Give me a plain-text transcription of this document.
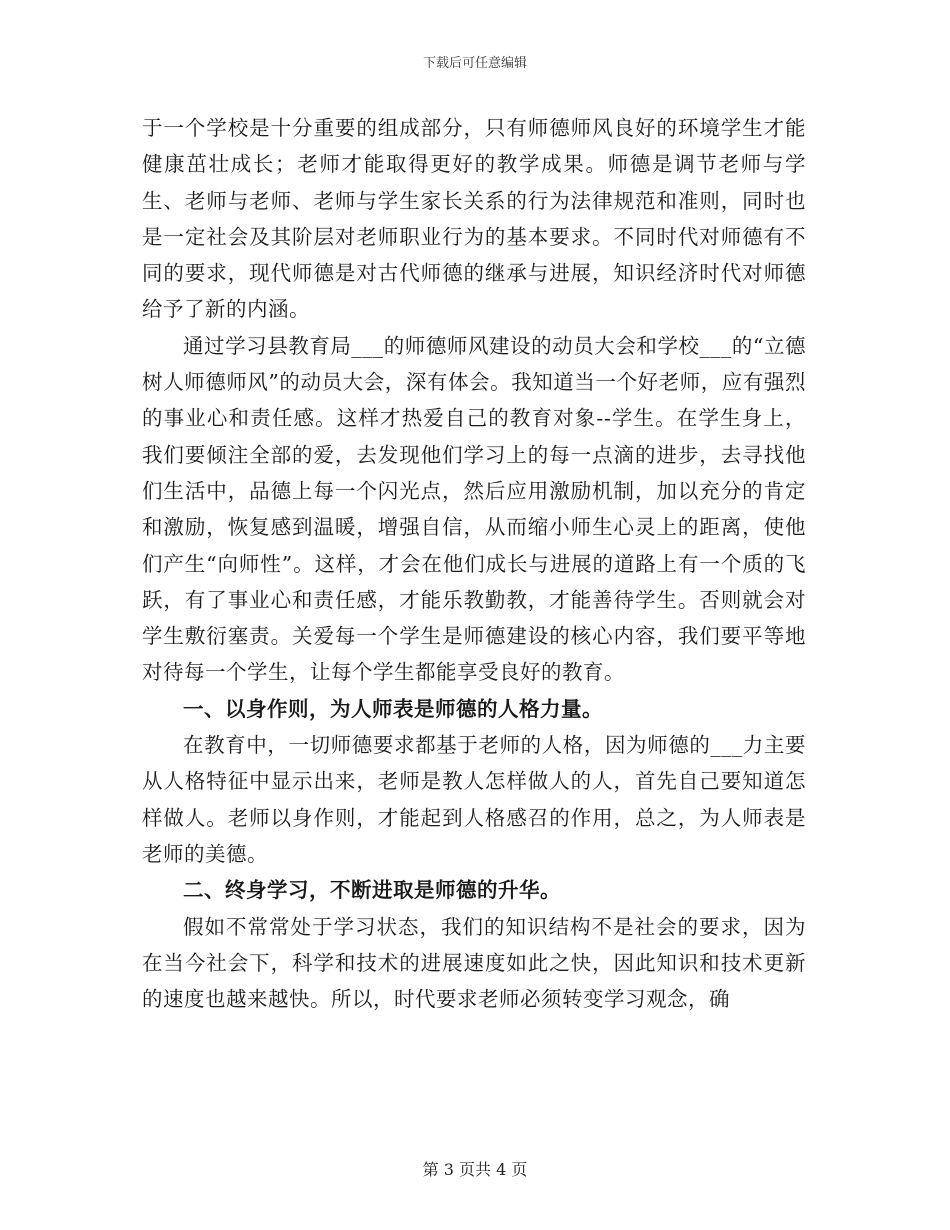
下载后可任意编辑

于一个学校是十分重要的组成部分，只有师德师风良好的环境学生才能健康茁壮成长；老师才能取得更好的教学成果。师德是调节老师与学生、老师与老师、老师与学生家长关系的行为法律规范和准则，同时也是一定社会及其阶层对老师职业行为的基本要求。不同时代对师德有不同的要求，现代师德是对古代师德的继承与进展，知识经济时代对师德给予了新的内涵。

通过学习县教育局___的师德师风建设的动员大会和学校___的“立德树人师德师风”的动员大会，深有体会。我知道当一个好老师，应有强烈的事业心和责任感。这样才热爱自己的教育对象--学生。在学生身上，我们要倾注全部的爱，去发现他们学习上的每一点滴的进步，去寻找他们生活中，品德上每一个闪光点，然后应用激励机制，加以充分的肯定和激励，恢复感到温暖，增强自信，从而缩小师生心灵上的距离，使他们产生“向师性”。这样，才会在他们成长与进展的道路上有一个质的飞跃，有了事业心和责任感，才能乐教勤教，才能善待学生。否则就会对学生敷衍塞责。关爱每一个学生是师德建设的核心内容，我们要平等地对待每一个学生，让每个学生都能享受良好的教育。

一、以身作则，为人师表是师德的人格力量。

在教育中，一切师德要求都基于老师的人格，因为师德的___力主要从人格特征中显示出来，老师是教人怎样做人的人，首先自己要知道怎样做人。老师以身作则，才能起到人格感召的作用，总之，为人师表是老师的美德。

二、终身学习，不断进取是师德的升华。

假如不常常处于学习状态，我们的知识结构不是社会的要求，因为在当今社会下，科学和技术的进展速度如此之快，因此知识和技术更新的速度也越来越快。所以，时代要求老师必须转变学习观念，确

第 3 页共 4 页
